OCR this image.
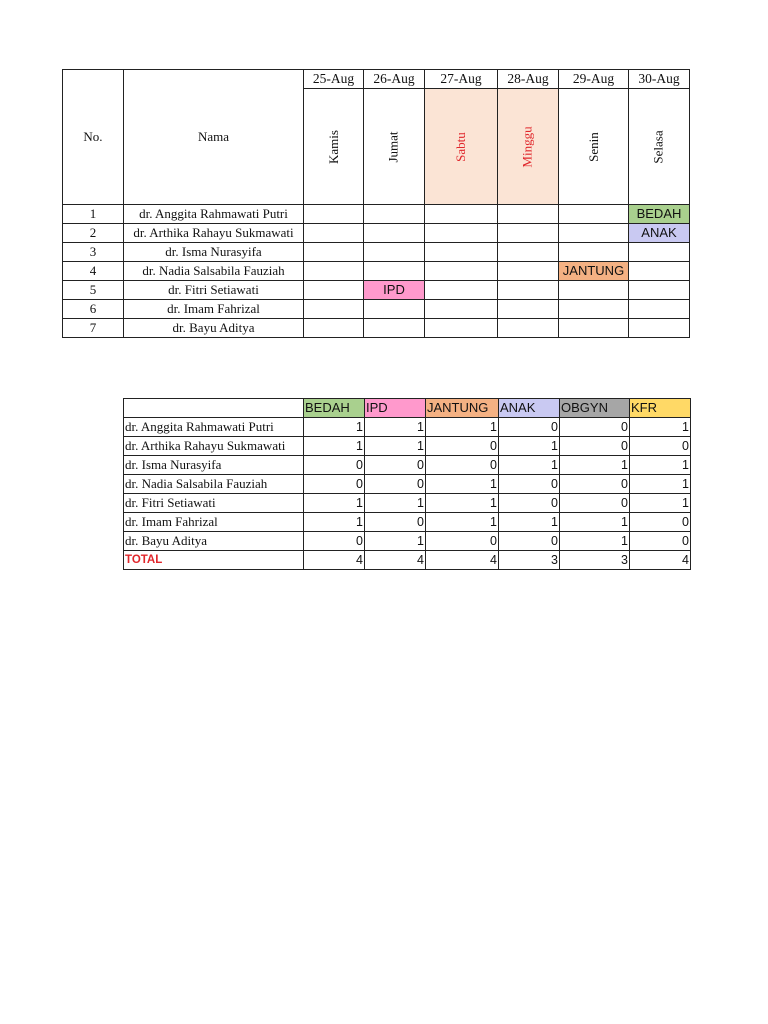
No.	Nama	25-Aug	26-Aug	27-Aug	28-Aug	29-Aug	30-Aug
		Kamis	Jumat	Sabtu	Minggu	Senin	Selasa
1	dr. Anggita Rahmawati Putri						BEDAH
2	dr. Arthika Rahayu Sukmawati						ANAK
3	dr. Isma Nurasyifa						
4	dr. Nadia Salsabila Fauziah					JANTUNG	
5	dr. Fitri Setiawati		IPD				
6	dr. Imam Fahrizal						
7	dr. Bayu Aditya						
	BEDAH	IPD	JANTUNG	ANAK	OBGYN	KFR
dr. Anggita Rahmawati Putri	1	1	1	0	0	1
dr. Arthika Rahayu Sukmawati	1	1	0	1	0	0
dr. Isma Nurasyifa	0	0	0	1	1	1
dr. Nadia Salsabila Fauziah	0	0	1	0	0	1
dr. Fitri Setiawati	1	1	1	0	0	1
dr. Imam Fahrizal	1	0	1	1	1	0
dr. Bayu Aditya	0	1	0	0	1	0
TOTAL	4	4	4	3	3	4
